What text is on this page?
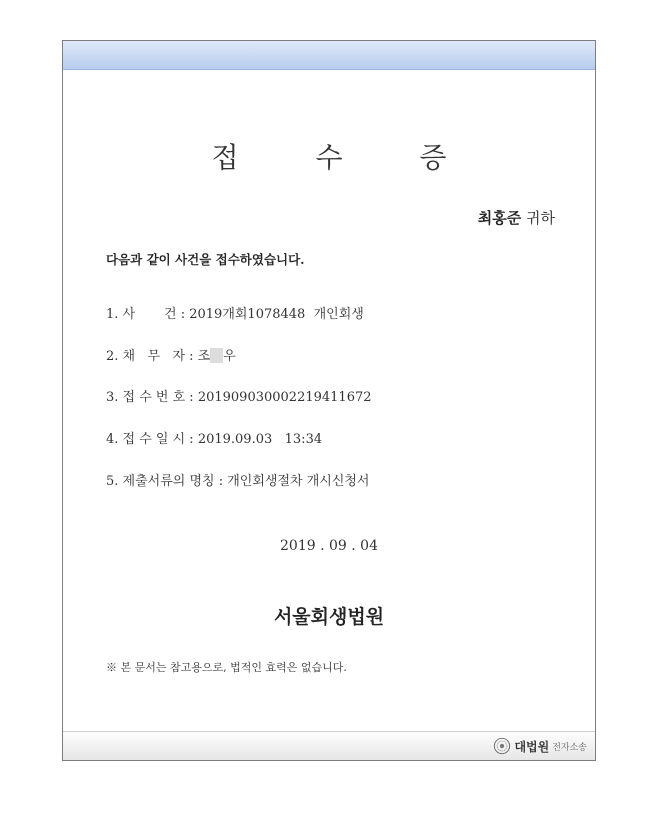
접 수 증
최홍준 귀하
다음과 같이 사건을 접수하였습니다.
1. 사       건 : 2019개회1078448  개인회생
2. 채   무   자 : 조 우
3. 접 수 번 호 : 201909030002219411672
4. 접 수 일 시 : 2019.09.03   13:34
5. 제출서류의 명칭 : 개인회생절차 개시신청서
2019 . 09 . 04
서울회생법원
※ 본 문서는 참고용으로, 법적인 효력은 없습니다.
대법원 전자소송
